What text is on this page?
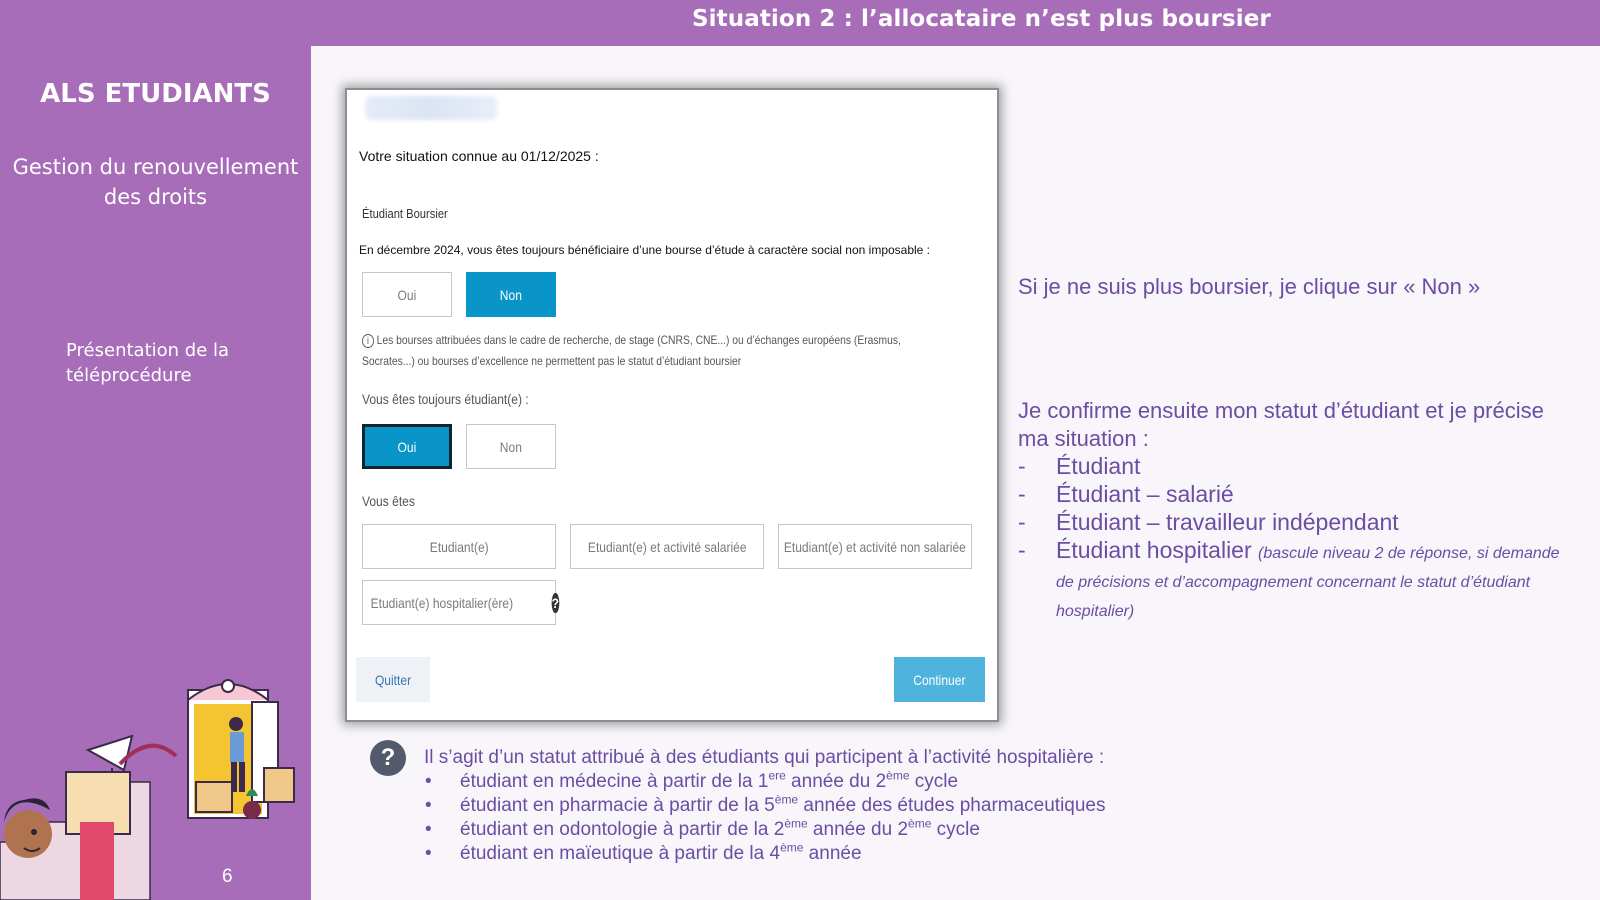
Situation 2 : l’allocataire n’est plus boursier
ALS ETUDIANTS
Gestion du renouvellement des droits
Présentation de la téléprocédure
6
Votre situation connue au 01/12/2025 :
Étudiant Boursier
En décembre 2024, vous êtes toujours bénéficiaire d’une bourse d’étude à caractère social non imposable :
Oui	Non
i Les bourses attribuées dans le cadre de recherche, de stage (CNRS, CNE...) ou d’échanges européens (Erasmus, Socrates...) ou bourses d’excellence ne permettent pas le statut d’étudiant boursier
Vous êtes toujours étudiant(e) :
Oui	Non
Vous êtes
Etudiant(e)	Etudiant(e) et activité salariée	Etudiant(e) et activité non salariée
Etudiant(e) hospitalier(ère)	?
Quitter	Continuer
Si je ne suis plus boursier, je clique sur « Non »
Je confirme ensuite mon statut d’étudiant et je précise ma situation :
- Étudiant
- Étudiant – salarié
- Étudiant – travailleur indépendant
- Étudiant hospitalier (bascule niveau 2 de réponse, si demande de précisions et d’accompagnement concernant le statut d’étudiant hospitalier)
?	Il s’agit d’un statut attribué à des étudiants qui participent à l’activité hospitalière :
• étudiant en médecine à partir de la 1ere année du 2ème cycle
• étudiant en pharmacie à partir de la 5ème année des études pharmaceutiques
• étudiant en odontologie à partir de la 2ème année du 2ème cycle
• étudiant en maïeutique à partir de la 4ème année
